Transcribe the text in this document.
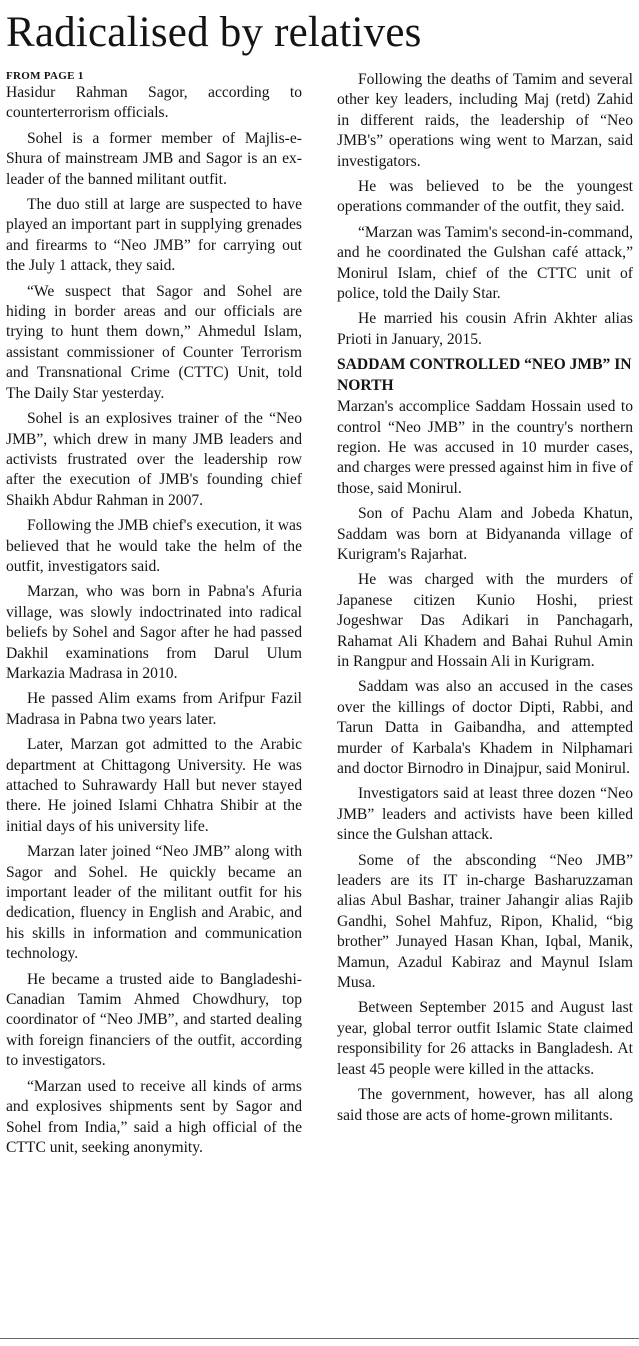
Radicalised by relatives
FROM PAGE 1

Hasidur Rahman Sagor, according to counterterrorism officials.

Sohel is a former member of Majlis-e-Shura of mainstream JMB and Sagor is an ex-leader of the banned militant outfit.

The duo still at large are suspected to have played an important part in supplying grenades and firearms to “Neo JMB” for carrying out the July 1 attack, they said.

“We suspect that Sagor and Sohel are hiding in border areas and our officials are trying to hunt them down,” Ahmedul Islam, assistant commissioner of Counter Terrorism and Transnational Crime (CTTC) Unit, told The Daily Star yesterday.

Sohel is an explosives trainer of the “Neo JMB”, which drew in many JMB leaders and activists frustrated over the leadership row after the execution of JMB's founding chief Shaikh Abdur Rahman in 2007.

Following the JMB chief's execution, it was believed that he would take the helm of the outfit, investigators said.

Marzan, who was born in Pabna's Afuria village, was slowly indoctrinated into radical beliefs by Sohel and Sagor after he had passed Dakhil examinations from Darul Ulum Markazia Madrasa in 2010.

He passed Alim exams from Arifpur Fazil Madrasa in Pabna two years later.

Later, Marzan got admitted to the Arabic department at Chittagong University. He was attached to Suhrawardy Hall but never stayed there. He joined Islami Chhatra Shibir at the initial days of his university life.

Marzan later joined “Neo JMB” along with Sagor and Sohel. He quickly became an important leader of the militant outfit for his dedication, fluency in English and Arabic, and his skills in information and communication technology.

He became a trusted aide to Bangladeshi-Canadian Tamim Ahmed Chowdhury, top coordinator of “Neo JMB”, and started dealing with foreign financiers of the outfit, according to investigators.

“Marzan used to receive all kinds of arms and explosives shipments sent by Sagor and Sohel from India,” said a high official of the CTTC unit, seeking anonymity.

Following the deaths of Tamim and several other key leaders, including Maj (retd) Zahid in different raids, the leadership of “Neo JMB's” operations wing went to Marzan, said investigators.

He was believed to be the youngest operations commander of the outfit, they said.

“Marzan was Tamim's second-in-command, and he coordinated the Gulshan café attack,” Monirul Islam, chief of the CTTC unit of police, told the Daily Star.

He married his cousin Afrin Akhter alias Prioti in January, 2015.

SADDAM CONTROLLED “NEO JMB” IN NORTH

Marzan's accomplice Saddam Hossain used to control “Neo JMB” in the country's northern region. He was accused in 10 murder cases, and charges were pressed against him in five of those, said Monirul.

Son of Pachu Alam and Jobeda Khatun, Saddam was born at Bidyananda village of Kurigram's Rajarhat.

He was charged with the murders of Japanese citizen Kunio Hoshi, priest Jogeshwar Das Adikari in Panchagarh, Rahamat Ali Khadem and Bahai Ruhul Amin in Rangpur and Hossain Ali in Kurigram.

Saddam was also an accused in the cases over the killings of doctor Dipti, Rabbi, and Tarun Datta in Gaibandha, and attempted murder of Karbala's Khadem in Nilphamari and doctor Birnodro in Dinajpur, said Monirul.

Investigators said at least three dozen “Neo JMB” leaders and activists have been killed since the Gulshan attack.

Some of the absconding “Neo JMB” leaders are its IT in-charge Basharuzzaman alias Abul Bashar, trainer Jahangir alias Rajib Gandhi, Sohel Mahfuz, Ripon, Khalid, “big brother” Junayed Hasan Khan, Iqbal, Manik, Mamun, Azadul Kabiraz and Maynul Islam Musa.

Between September 2015 and August last year, global terror outfit Islamic State claimed responsibility for 26 attacks in Bangladesh. At least 45 people were killed in the attacks.

The government, however, has all along said those are acts of home-grown militants.
